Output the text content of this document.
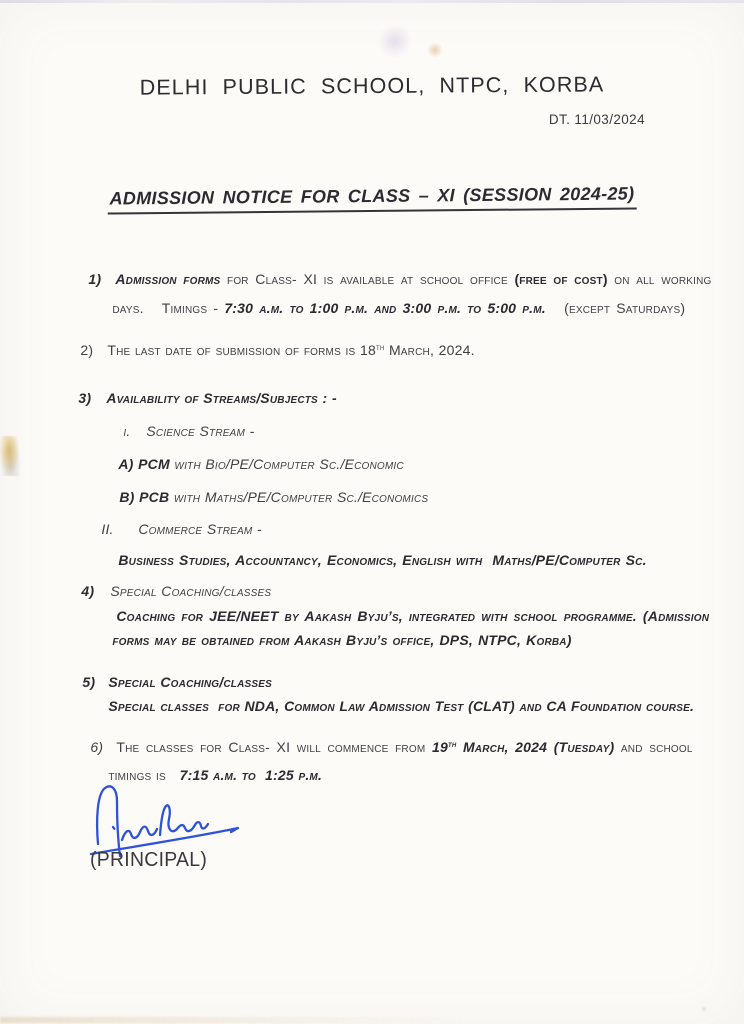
DELHI PUBLIC SCHOOL, NTPC, KORBA
DT. 11/03/2024
ADMISSION NOTICE FOR CLASS – XI (SESSION 2024-25)

1) Admission forms for Class- XI is available at school office (free of cost) on all working

days.   Timings - 7:30 a.m. to 1:00 p.m. and 3:00 p.m. to 5:00 p.m.   (except Saturdays)

2) The last date of submission of forms is 18th March, 2024.

3) Availability of Streams/Subjects : -

i. Science Stream -

A) PCM with Bio/PE/Computer Sc./Economic

B) PCB with Maths/PE/Computer Sc./Economics

II. Commerce Stream -

Business Studies, Accountancy, Economics, English with  Maths/PE/Computer Sc.

4) Special Coaching/classes

Coaching for JEE/NEET by Aakash Byju’s, integrated with school programme. (Admission

forms may be obtained from Aakash Byju’s office, DPS, NTPC, Korba)

5) Special Coaching/classes

Special classes  for NDA, Common Law Admission Test (CLAT) and CA Foundation course.

6) The classes for Class- XI will commence from 19th March, 2024 (Tuesday) and school

timings is   7:15 a.m. to  1:25 p.m.

(PRINCIPAL)
